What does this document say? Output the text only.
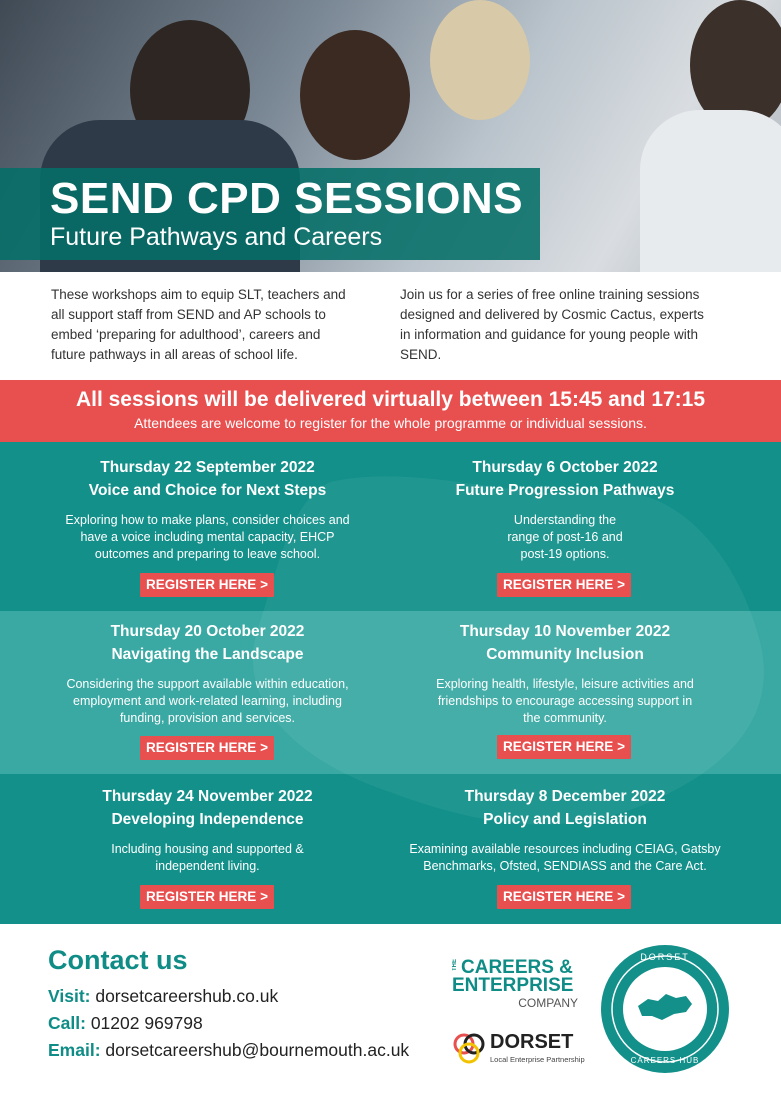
SEND CPD SESSIONS
Future Pathways and Careers
These workshops aim to equip SLT, teachers and all support staff from SEND and AP schools to embed ‘preparing for adulthood’, careers and future pathways in all areas of school life.
Join us for a series of free online training sessions designed and delivered by Cosmic Cactus, experts in information and guidance for young people with SEND.
All sessions will be delivered virtually between 15:45 and 17:15
Attendees are welcome to register for the whole programme or individual sessions.
Thursday 22 September 2022
Voice and Choice for Next Steps
Exploring how to make plans, consider choices and have a voice including mental capacity, EHCP outcomes and preparing to leave school.
REGISTER HERE >
Thursday 6 October 2022
Future Progression Pathways
Understanding the range of post-16 and post-19 options.
REGISTER HERE >
Thursday 20 October 2022
Navigating the Landscape
Considering the support available within education, employment and work-related learning, including funding, provision and services.
REGISTER HERE >
Thursday 10 November 2022
Community Inclusion
Exploring health, lifestyle, leisure activities and friendships to encourage accessing support in the community.
REGISTER HERE >
Thursday 24 November 2022
Developing Independence
Including housing and supported & independent living.
REGISTER HERE >
Thursday 8 December 2022
Policy and Legislation
Examining available resources including CEIAG, Gatsby Benchmarks, Ofsted, SENDIASS and the Care Act.
REGISTER HERE >
Contact us
Visit: dorsetcareershub.co.uk
Call: 01202 969798
Email: dorsetcareershub@bournemouth.ac.uk
THE CAREERS &
ENTERPRISE
COMPANY
DORSET
Local Enterprise Partnership
DORSET
CAREERS HUB
